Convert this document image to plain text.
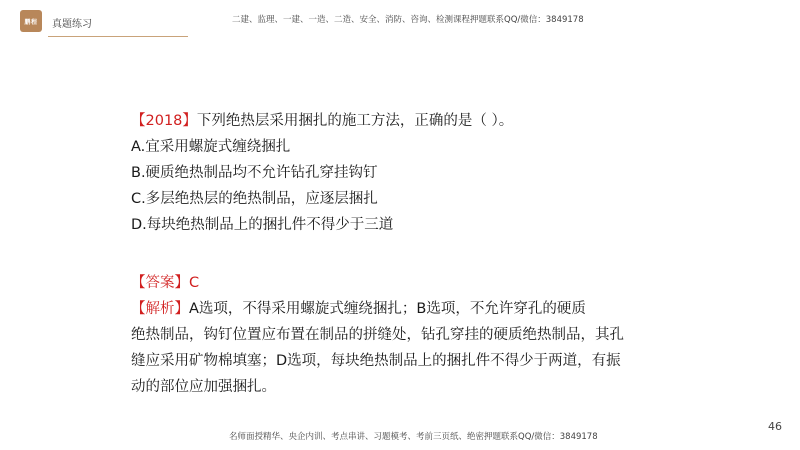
鹏程 真题练习	二建、监理、一建、一造、二造、安全、消防、咨询、检测课程押题联系QQ/微信：3849178
【2018】下列绝热层采用捆扎的施工方法，正确的是（ ）。
A.宜采用螺旋式缠绕捆扎
B.硬质绝热制品均不允许钻孔穿挂钩钉
C.多层绝热层的绝热制品，应逐层捆扎
D.每块绝热制品上的捆扎件不得少于三道
【答案】C
【解析】A选项，不得采用螺旋式缠绕捆扎；B选项，不允许穿孔的硬质
绝热制品，钩钉位置应布置在制品的拼缝处，钻孔穿挂的硬质绝热制品，其孔
缝应采用矿物棉填塞；D选项，每块绝热制品上的捆扎件不得少于两道，有振
动的部位应加强捆扎。
46
名师面授精华、央企内训、考点串讲、习题模考、考前三页纸、绝密押题联系QQ/微信：3849178
